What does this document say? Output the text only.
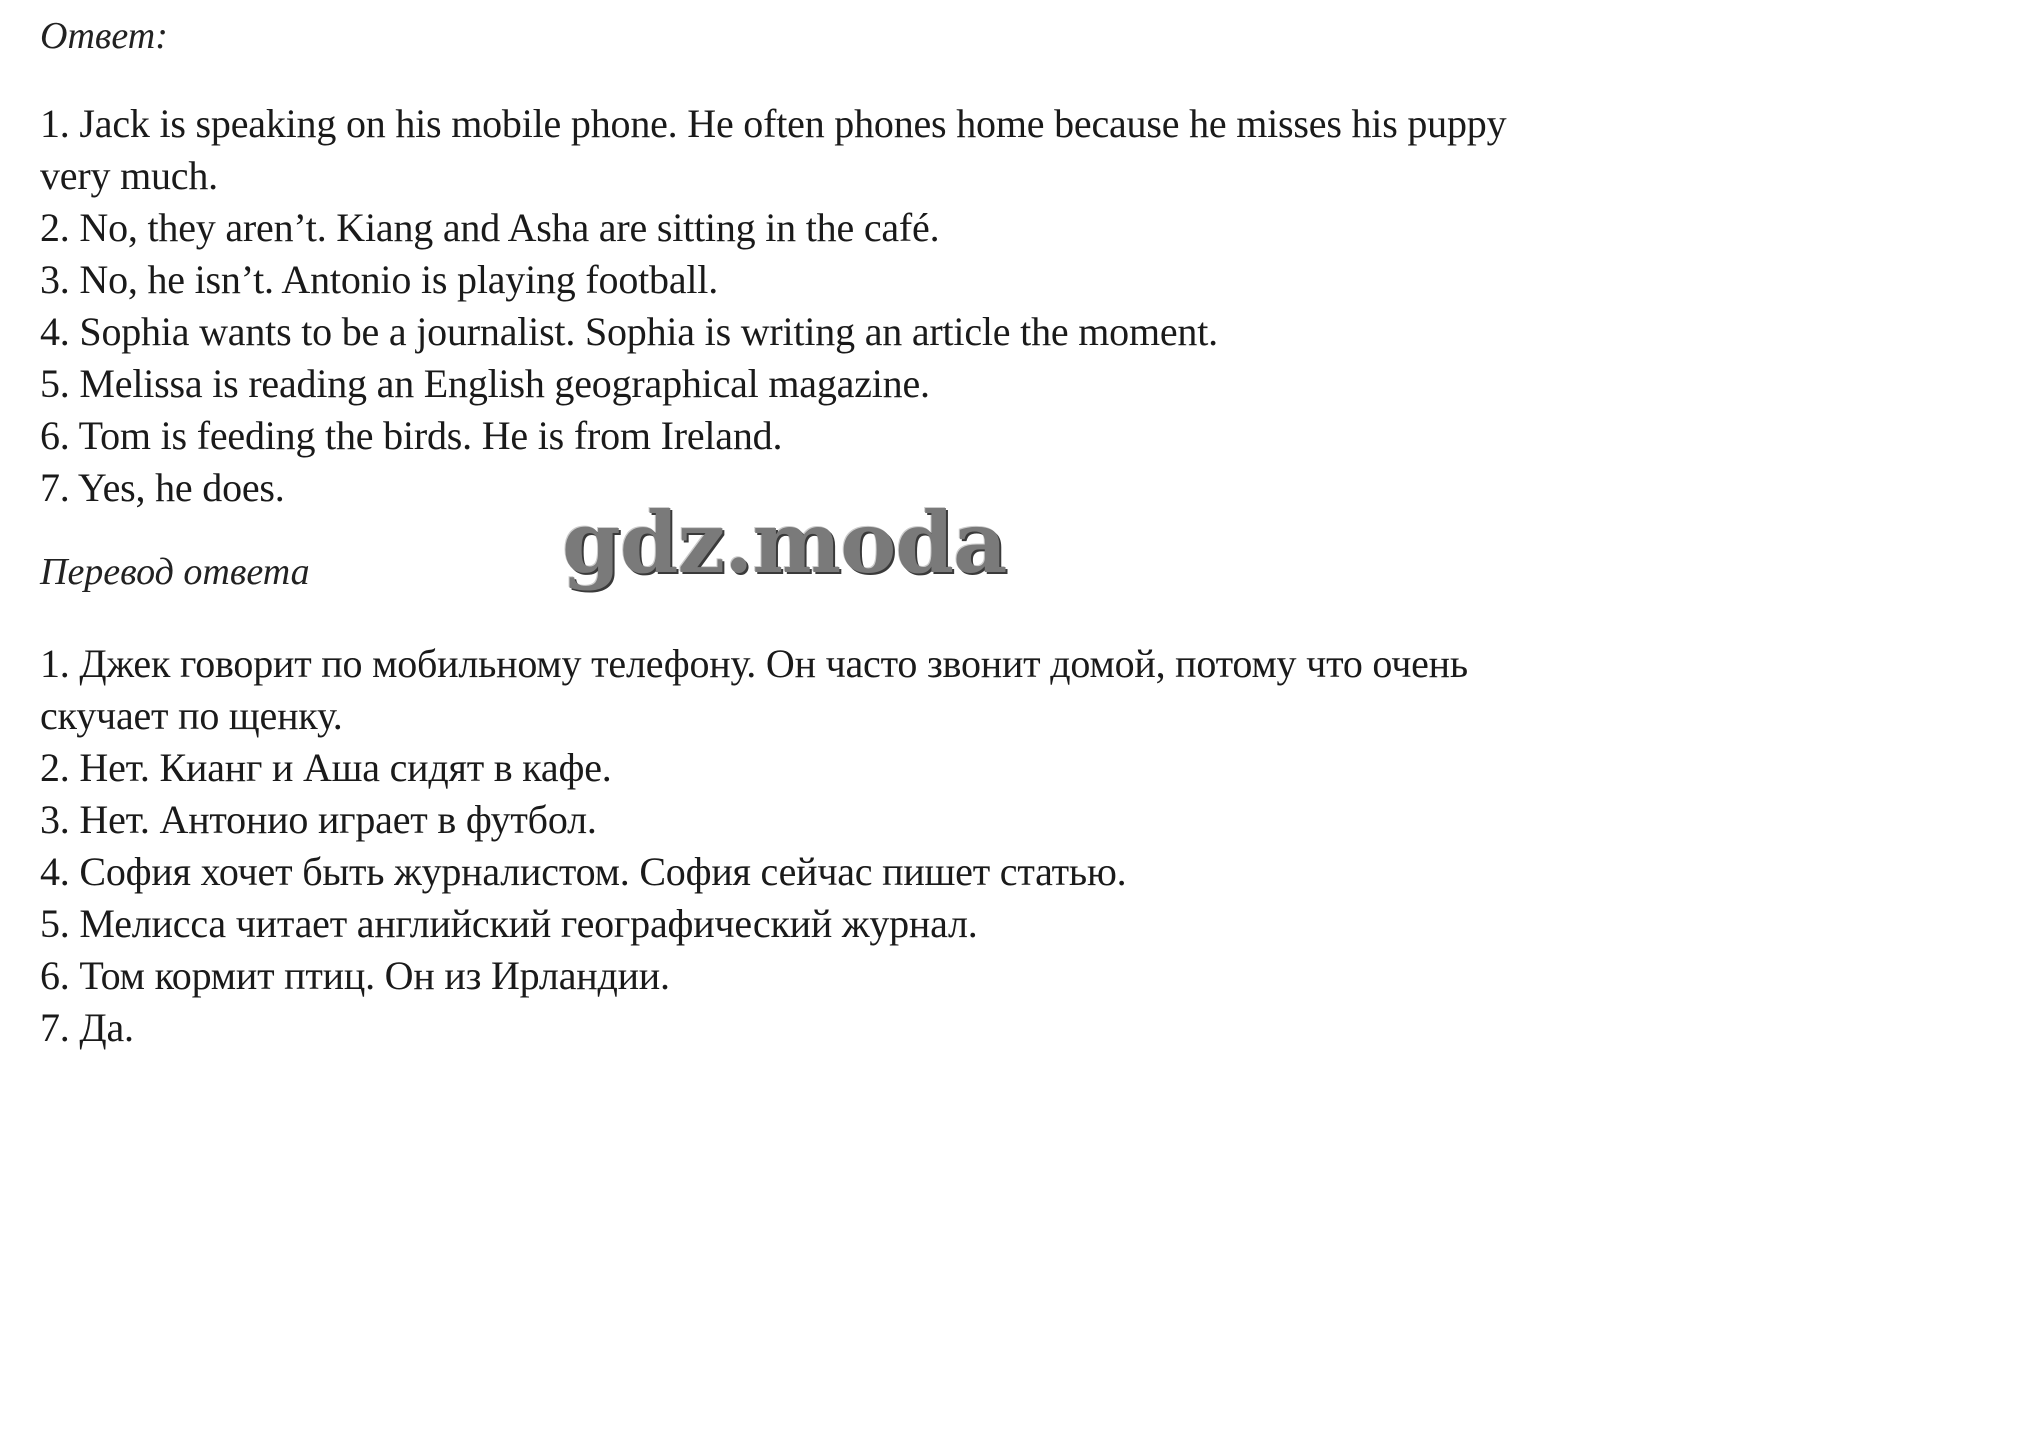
Ответ:

1. Jack is speaking on his mobile phone. He often phones home because he misses his puppy very much.
2. No, they aren’t. Kiang and Asha are sitting in the café.
3. No, he isn’t. Antonio is playing football.
4. Sophia wants to be a journalist. Sophia is writing an article the moment.
5. Melissa is reading an English geographical magazine.
6. Tom is feeding the birds. He is from Ireland.
7. Yes, he does.

Перевод ответа

1. Джек говорит по мобильному телефону. Он часто звонит домой, потому что очень скучает по щенку.
2. Нет. Кианг и Аша сидят в кафе.
3. Нет. Антонио играет в футбол.
4. София хочет быть журналистом. София сейчас пишет статью.
5. Мелисса читает английский географический журнал.
6. Том кормит птиц. Он из Ирландии.
7. Да.
gdz.moda
